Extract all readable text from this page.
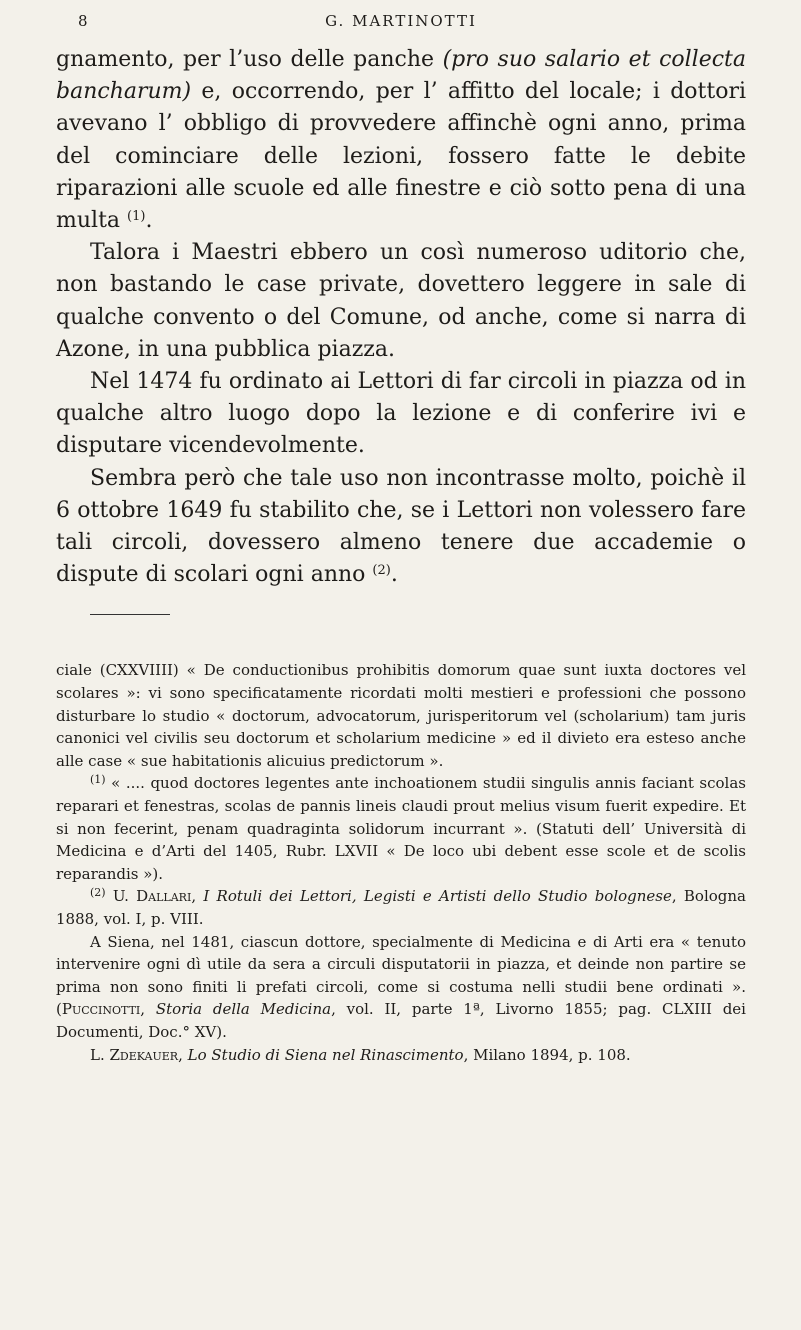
8	G. MARTINOTTI

gnamento, per l’uso delle panche (pro suo salario et collecta bancharum) e, occorrendo, per l’ affitto del locale; i dottori avevano l’ obbligo di provvedere affinchè ogni anno, prima del cominciare delle lezioni, fossero fatte le debite riparazioni alle scuole ed alle finestre e ciò sotto pena di una multa $^{(1)}$.

Talora i Maestri ebbero un così numeroso uditorio che, non bastando le case private, dovettero leggere in sale di qualche convento o del Comune, od anche, come si narra di Azone, in una pubblica piazza.

Nel 1474 fu ordinato ai Lettori di far circoli in piazza od in qualche altro luogo dopo la lezione e di conferire ivi e disputare vicendevolmente.

Sembra però che tale uso non incontrasse molto, poichè il 6 ottobre 1649 fu stabilito che, se i Lettori non volessero fare tali circoli, dovessero almeno tenere due accademie o dispute di scolari ogni anno $^{(2)}$.

ciale (CXXVIIII) « De conductionibus prohibitis domorum quae sunt iuxta doctores vel scolares »: vi sono specificatamente ricordati molti mestieri e professioni che possono disturbare lo studio « doctorum, advocatorum, jurisperitorum vel (scholarium) tam juris canonici vel civilis seu doctorum et scholarium medicine » ed il divieto era esteso anche alle case « sue habitationis alicuius predictorum ».

$^{(1)}$ « .... quod doctores legentes ante inchoationem studii singulis annis faciant scolas reparari et fenestras, scolas de pannis lineis claudi prout melius visum fuerit expedire. Et si non fecerint, penam quadraginta solidorum incurrant ». (Statuti dell’ Università di Medicina e d’Arti del 1405, Rubr. LXVII « De loco ubi debent esse scole et de scolis reparandis »).

$^{(2)}$ U. Dallari, I Rotuli dei Lettori, Legisti e Artisti dello Studio bolognese, Bologna 1888, vol. I, p. VIII.

A Siena, nel 1481, ciascun dottore, specialmente di Medicina e di Arti era « tenuto intervenire ogni dì utile da sera a circuli disputatorii in piazza, et deinde non partire se prima non sono finiti li prefati circoli, come si costuma nelli studii bene ordinati ». (Puccinotti, Storia della Medicina, vol. II, parte 1ª, Livorno 1855; pag. CLXIII dei Documenti, Doc.° XV).

L. Zdekauer, Lo Studio di Siena nel Rinascimento, Milano 1894, p. 108.
